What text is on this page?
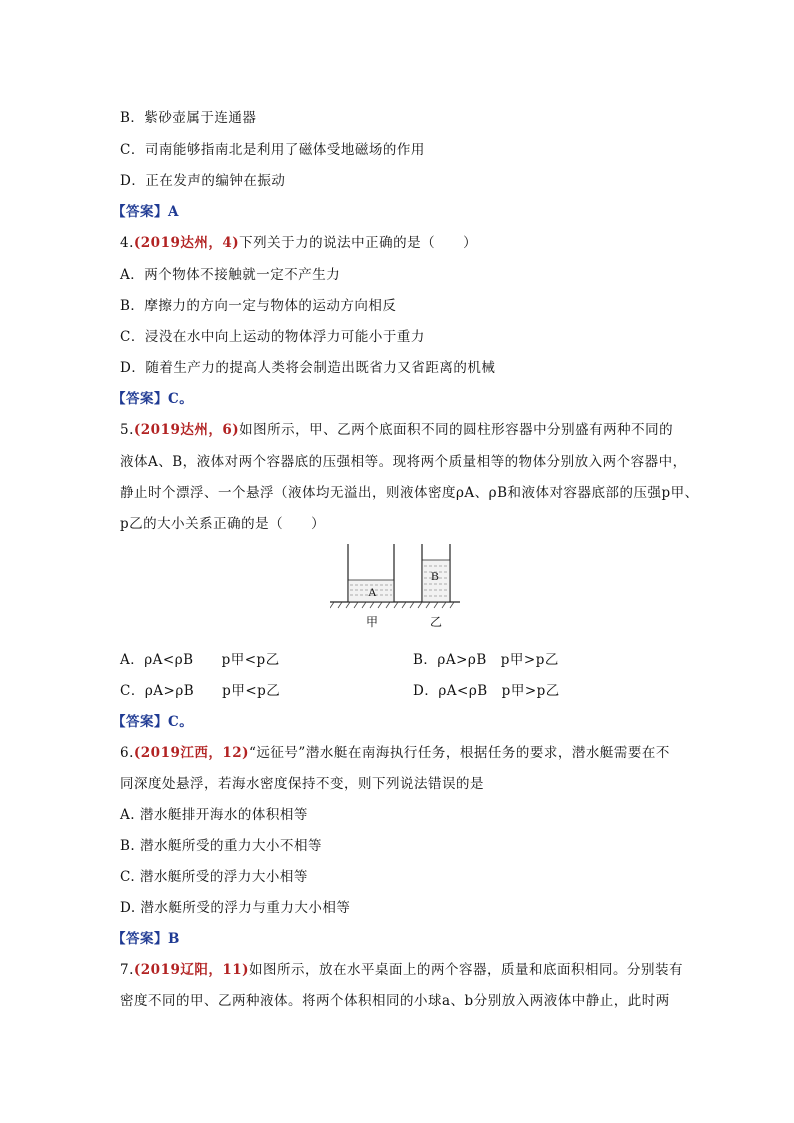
B．紫砂壶属于连通器
C．司南能够指南北是利用了磁体受地磁场的作用
D．正在发声的编钟在振动
【答案】A
4.(2019达州，4)下列关于力的说法中正确的是（　　）
A．两个物体不接触就一定不产生力
B．摩擦力的方向一定与物体的运动方向相反
C．浸没在水中向上运动的物体浮力可能小于重力
D．随着生产力的提高人类将会制造出既省力又省距离的机械
【答案】C。
5.(2019达州，6)如图所示，甲、乙两个底面积不同的圆柱形容器中分别盛有两种不同的
液体A、B，液体对两个容器底的压强相等。现将两个质量相等的物体分别放入两个容器中，
静止时个漂浮、一个悬浮（液体均无溢出，则液体密度ρA、ρB和液体对容器底部的压强p甲、
p乙的大小关系正确的是（　　）
A
B
甲	乙
A．ρA<ρB　　p甲<p乙	B．ρA>ρB　p甲>p乙
C．ρA>ρB　　p甲<p乙	D．ρA<ρB　p甲>p乙
【答案】C。
6.(2019江西，12)“远征号”潜水艇在南海执行任务，根据任务的要求，潜水艇需要在不
同深度处悬浮，若海水密度保持不变，则下列说法错误的是
A. 潜水艇排开海水的体积相等
B. 潜水艇所受的重力大小不相等
C. 潜水艇所受的浮力大小相等
D. 潜水艇所受的浮力与重力大小相等
【答案】B
7.(2019辽阳，11)如图所示，放在水平桌面上的两个容器，质量和底面积相同。分别装有
密度不同的甲、乙两种液体。将两个体积相同的小球a、b分别放入两液体中静止，此时两
